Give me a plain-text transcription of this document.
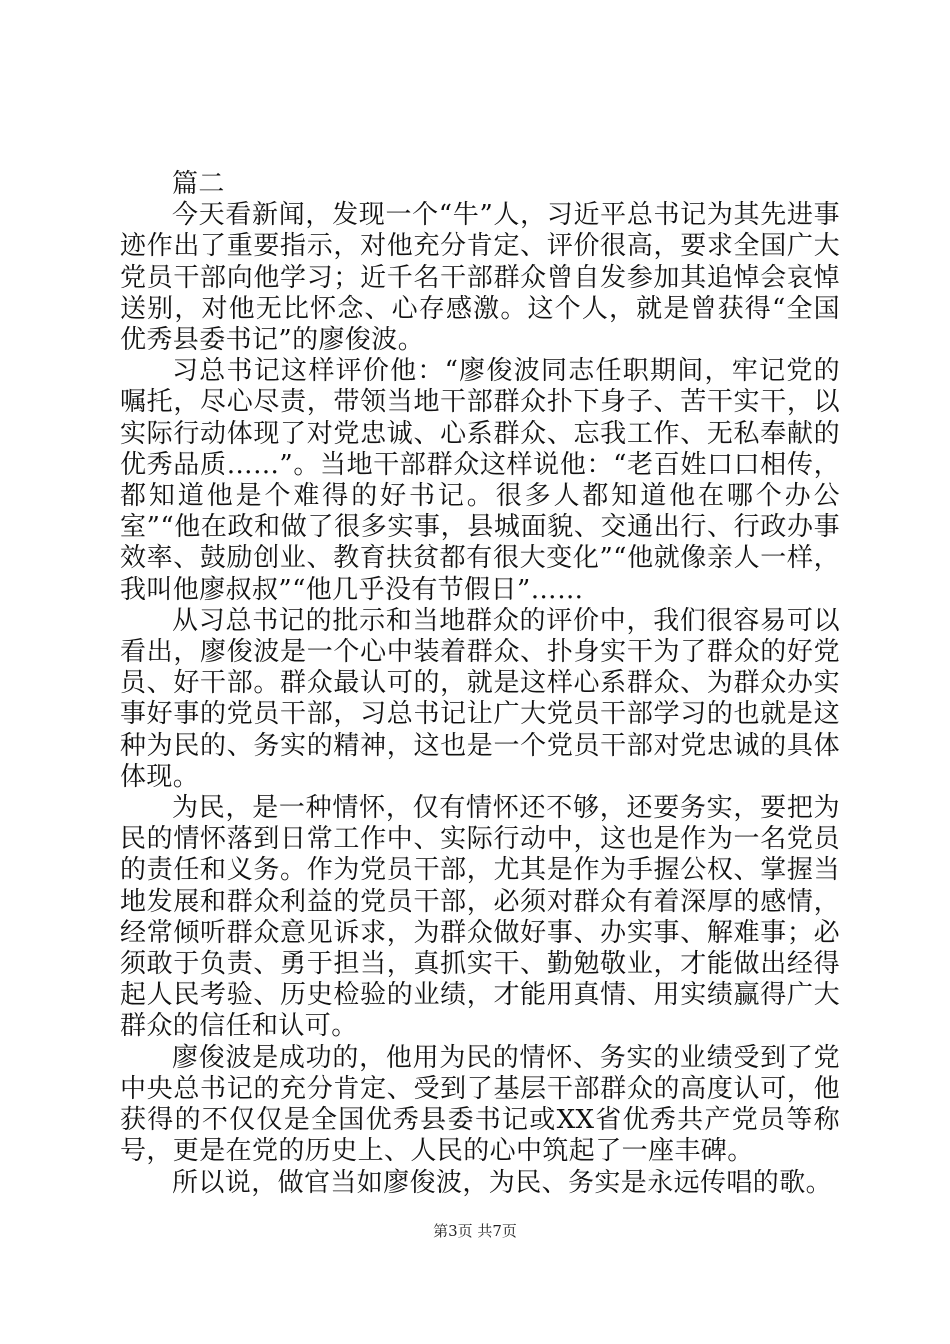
篇二

今天看新闻，发现一个“牛”人，习近平总书记为其先进事迹作出了重要指示，对他充分肯定、评价很高，要求全国广大党员干部向他学习；近千名干部群众曾自发参加其追悼会哀悼送别，对他无比怀念、心存感激。这个人，就是曾获得“全国优秀县委书记”的廖俊波。

习总书记这样评价他：“廖俊波同志任职期间，牢记党的嘱托，尽心尽责，带领当地干部群众扑下身子、苦干实干，以实际行动体现了对党忠诚、心系群众、忘我工作、无私奉献的优秀品质……”。当地干部群众这样说他：“老百姓口口相传，都知道他是个难得的好书记。很多人都知道他在哪个办公室”“他在政和做了很多实事，县城面貌、交通出行、行政办事效率、鼓励创业、教育扶贫都有很大变化”“他就像亲人一样，我叫他廖叔叔”“他几乎没有节假日”……

从习总书记的批示和当地群众的评价中，我们很容易可以看出，廖俊波是一个心中装着群众、扑身实干为了群众的好党员、好干部。群众最认可的，就是这样心系群众、为群众办实事好事的党员干部，习总书记让广大党员干部学习的也就是这种为民的、务实的精神，这也是一个党员干部对党忠诚的具体体现。

为民，是一种情怀，仅有情怀还不够，还要务实，要把为民的情怀落到日常工作中、实际行动中，这也是作为一名党员的责任和义务。作为党员干部，尤其是作为手握公权、掌握当地发展和群众利益的党员干部，必须对群众有着深厚的感情，经常倾听群众意见诉求，为群众做好事、办实事、解难事；必须敢于负责、勇于担当，真抓实干、勤勉敬业，才能做出经得起人民考验、历史检验的业绩，才能用真情、用实绩赢得广大群众的信任和认可。

廖俊波是成功的，他用为民的情怀、务实的业绩受到了党中央总书记的充分肯定、受到了基层干部群众的高度认可，他获得的不仅仅是全国优秀县委书记或XX省优秀共产党员等称号，更是在党的历史上、人民的心中筑起了一座丰碑。

所以说，做官当如廖俊波，为民、务实是永远传唱的歌。

第3页 共7页
